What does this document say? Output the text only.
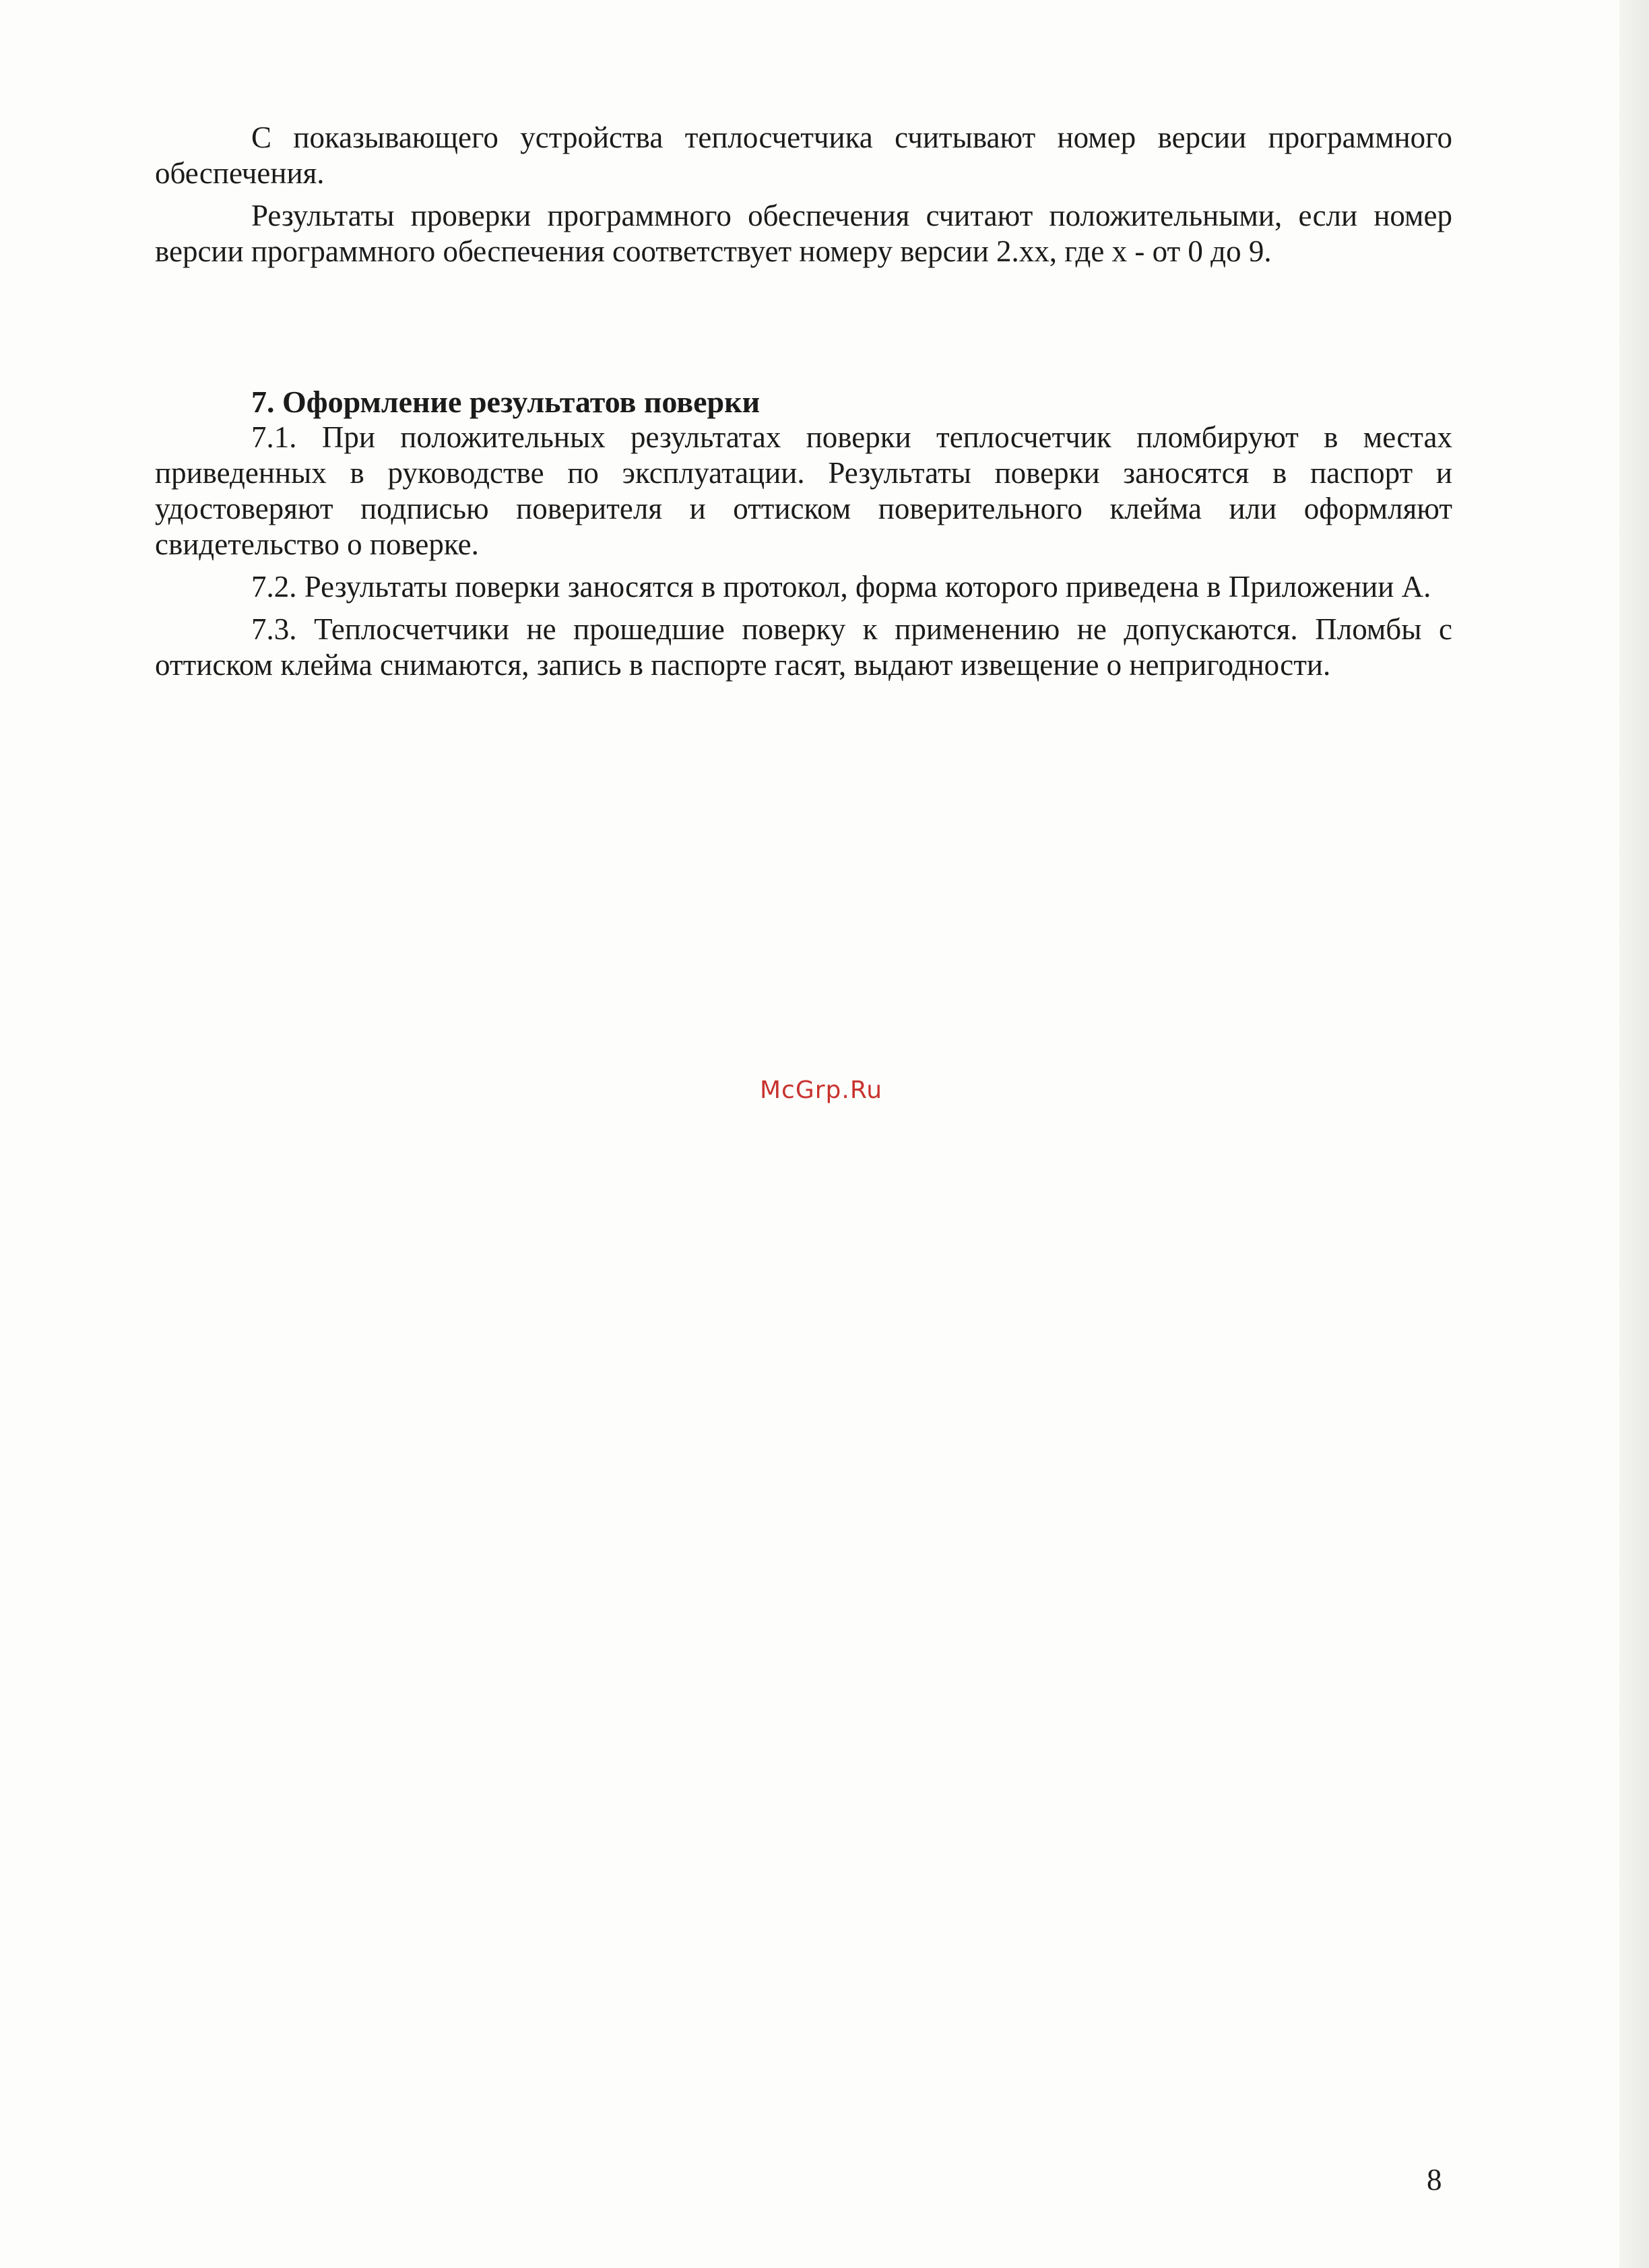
С показывающего устройства теплосчетчика считывают номер версии программного обеспечения.

Результаты проверки программного обеспечения считают положительными, если номер версии программного обеспечения соответствует номеру версии 2.xx, где x - от 0 до 9.

7. Оформление результатов поверки

7.1. При положительных результатах поверки теплосчетчик пломбируют в местах приведенных в руководстве по эксплуатации. Результаты поверки заносятся в паспорт и удостоверяют подписью поверителя и оттиском поверительного клейма или оформляют свидетельство о поверке.

7.2. Результаты поверки заносятся в протокол, форма которого приведена в Приложении А.

7.3. Теплосчетчики не прошедшие поверку к применению не допускаются. Пломбы с оттиском клейма снимаются, запись в паспорте гасят, выдают извещение о непригодности.

McGrp.Ru
8
